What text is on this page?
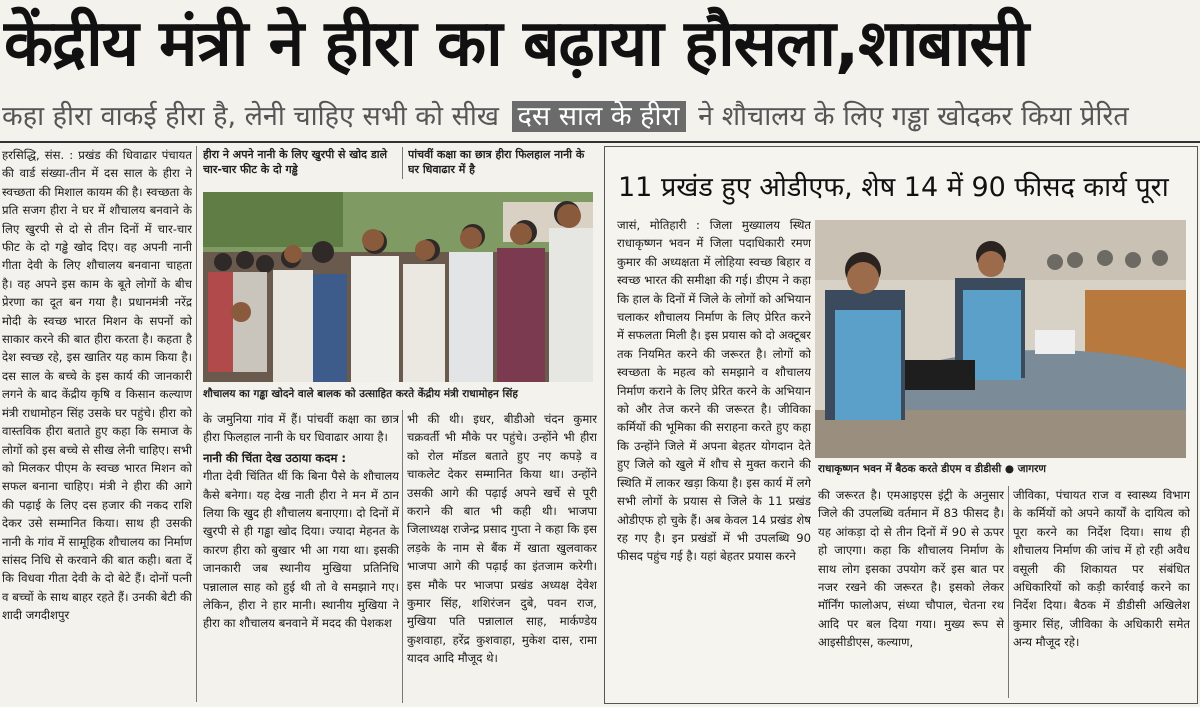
केंद्रीय मंत्री ने हीरा का बढ़ाया हौसला,शाबासी
कहा हीरा वाकई हीरा है, लेनी चाहिए सभी को सीख दस साल के हीरा ने शौचालय के लिए गड्ढा खोदकर किया प्रेरित

हरसिद्धि, संस. : प्रखंड की धिवाढार पंचायत की वार्ड संख्या-तीन में दस साल के हीरा ने स्वच्छता की मिशाल कायम की है। स्वच्छता के प्रति सजग हीरा ने घर में शौचालय बनवाने के लिए खुरपी से दो से तीन दिनों में चार-चार फीट के दो गड्ढे खोद दिए। वह अपनी नानी गीता देवी के लिए शौचालय बनवाना चाहता है। वह अपने इस काम के बूते लोगों के बीच प्रेरणा का दूत बन गया है। प्रधानमंत्री नरेंद्र मोदी के स्वच्छ भारत मिशन के सपनों को साकार करने की बात हीरा करता है। कहता है देश स्वच्छ रहे, इस खातिर यह काम किया है। दस साल के बच्चे के इस कार्य की जानकारी लगने के बाद केंद्रीय कृषि व किसान कल्याण मंत्री राधामोहन सिंह उसके घर पहुंचे। हीरा को वास्तविक हीरा बताते हुए कहा कि समाज के लोगों को इस बच्चे से सीख लेनी चाहिए। सभी को मिलकर पीएम के स्वच्छ भारत मिशन को सफल बनाना चाहिए। मंत्री ने हीरा की आगे की पढ़ाई के लिए दस हजार की नकद राशि देकर उसे सम्मानित किया। साथ ही उसकी नानी के गांव में सामूहिक शौचालय का निर्माण सांसद निधि से करवाने की बात कही। बता दें कि विधवा गीता देवी के दो बेटे हैं। दोनों पत्नी व बच्चों के साथ बाहर रहते हैं। उनकी बेटी की शादी जगदीशपुर

हीरा ने अपने नानी के लिए खुरपी से खोद डाले चार-चार फीट के दो गड्ढे
पांचवीं कक्षा का छात्र हीरा फिलहाल नानी के घर धिवाढार में है
शौचालय का गड्ढा खोदने वाले बालक को उत्साहित करते केंद्रीय मंत्री राधामोहन सिंह

के जमुनिया गांव में हैं। पांचवीं कक्षा का छात्र हीरा फिलहाल नानी के घर धिवाढार आया है।

नानी की चिंता देख उठाया कदम :

गीता देवी चिंतित थीं कि बिना पैसे के शौचालय कैसे बनेगा। यह देख नाती हीरा ने मन में ठान लिया कि खुद ही शौचालय बनाएगा। दो दिनों में खुरपी से ही गड्ढा खोद दिया। ज्यादा मेहनत के कारण हीरा को बुखार भी आ गया था। इसकी जानकारी जब स्थानीय मुखिया प्रतिनिधि पन्नालाल साह को हुई थी तो वे समझाने गए। लेकिन, हीरा ने हार मानी। स्थानीय मुखिया ने हीरा का शौचालय बनवाने में मदद की पेशकश

भी की थी। इधर, बीडीओ चंदन कुमार चक्रवर्ती भी मौके पर पहुंचे। उन्होंने भी हीरा को रोल मॉडल बताते हुए नए कपड़े व चाकलेट देकर सम्मानित किया था। उन्होंने उसकी आगे की पढ़ाई अपने खर्चे से पूरी कराने की बात भी कही थी। भाजपा जिलाध्यक्ष राजेन्द्र प्रसाद गुप्ता ने कहा कि इस लड़के के नाम से बैंक में खाता खुलवाकर भाजपा आगे की पढ़ाई का इंतजाम करेगी। इस मौके पर भाजपा प्रखंड अध्यक्ष देवेश कुमार सिंह, शशिरंजन दुबे, पवन राज, मुखिया पति पन्नालाल साह, मार्कण्डेय कुशवाहा, हरेंद्र कुशवाहा, मुकेश दास, रामा यादव आदि मौजूद थे।

11 प्रखंड हुए ओडीएफ, शेष 14 में 90 फीसद कार्य पूरा

जासं, मोतिहारी : जिला मुख्यालय स्थित राधाकृष्णन भवन में जिला पदाधिकारी रमण कुमार की अध्यक्षता में लोहिया स्वच्छ बिहार व स्वच्छ भारत की समीक्षा की गई। डीएम ने कहा कि हाल के दिनों में जिले के लोगों को अभियान चलाकर शौचालय निर्माण के लिए प्रेरित करने में सफलता मिली है। इस प्रयास को दो अक्टूबर तक नियमित करने की जरूरत है। लोगों को स्वच्छता के महत्व को समझाने व शौचालय निर्माण कराने के लिए प्रेरित करने के अभियान को और तेज करने की जरूरत है। जीविका कर्मियों की भूमिका की सराहना करते हुए कहा कि उन्होंने जिले में अपना बेहतर योगदान देते हुए जिले को खुले में शौच से मुक्त कराने की स्थिति में लाकर खड़ा किया है। इस कार्य में लगे सभी लोगों के प्रयास से जिले के 11 प्रखंड ओडीएफ हो चुके हैं। अब केवल 14 प्रखंड शेष रह गए है। इन प्रखंडों में भी उपलब्धि 90 फीसद पहुंच गई है। यहां बेहतर प्रयास करने

राधाकृष्णन भवन में बैठक करते डीएम व डीडीसी ● जागरण

की जरूरत है। एमआइएस इंट्री के अनुसार जिले की उपलब्धि वर्तमान में 83 फीसद है। यह आंकड़ा दो से तीन दिनों में 90 से ऊपर हो जाएगा। कहा कि शौचालय निर्माण के साथ लोग इसका उपयोग करें इस बात पर नजर रखने की जरूरत है। इसको लेकर मॉर्निंग फालोअप, संध्या चौपाल, चेतना रथ आदि पर बल दिया गया। मुख्य रूप से आइसीडीएस, कल्याण,

जीविका, पंचायत राज व स्वास्थ्य विभाग के कर्मियों को अपने कार्यों के दायित्व को पूरा करने का निर्देश दिया। साथ ही शौचालय निर्माण की जांच में हो रही अवैध वसूली की शिकायत पर संबंधित अधिकारियों को कड़ी कार्रवाई करने का निर्देश दिया। बैठक में डीडीसी अखिलेश कुमार सिंह, जीविका के अधिकारी समेत अन्य मौजूद रहे।
